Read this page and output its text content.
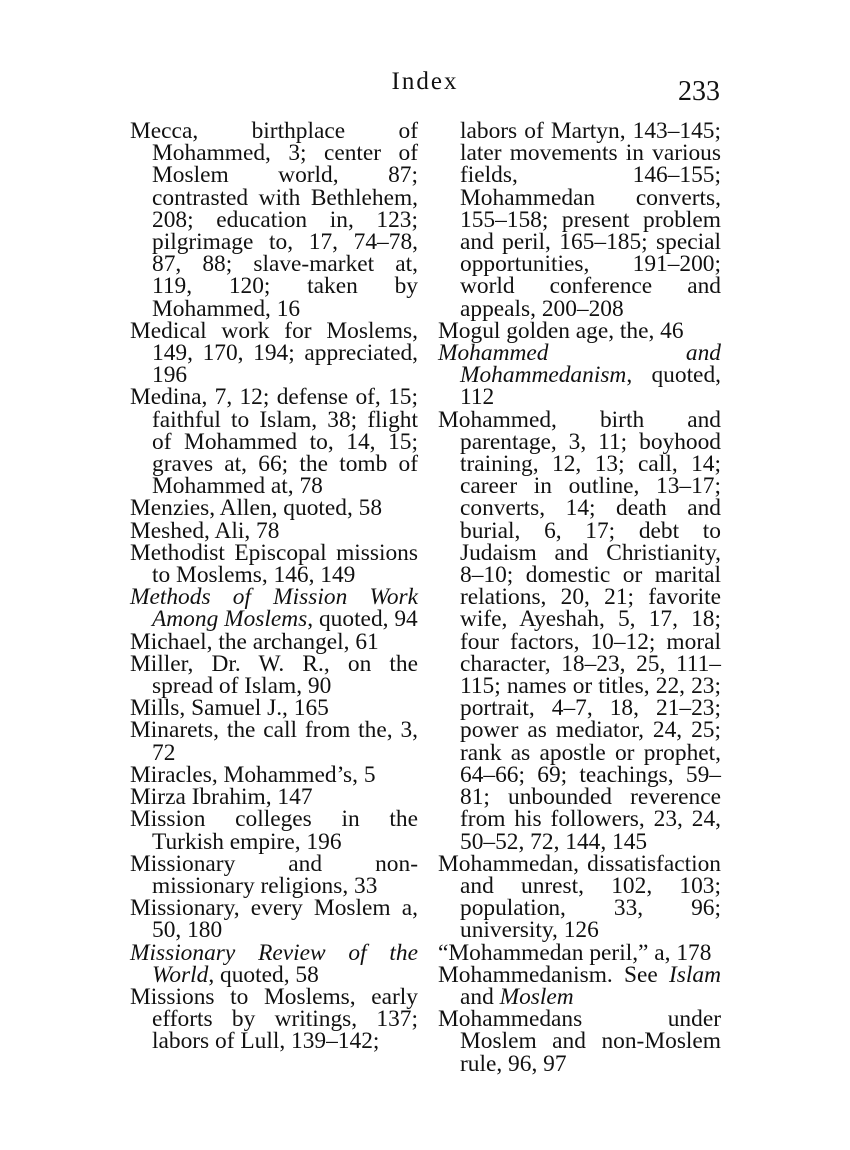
Index	233
Mecca, birthplace of Mohammed, 3; center of Moslem world, 87; contrasted with Bethlehem, 208; education in, 123; pilgrimage to, 17, 74–78, 87, 88; slave-market at, 119, 120; taken by Mohammed, 16
Medical work for Moslems, 149, 170, 194; appreciated, 196
Medina, 7, 12; defense of, 15; faithful to Islam, 38; flight of Mohammed to, 14, 15; graves at, 66; the tomb of Mohammed at, 78
Menzies, Allen, quoted, 58
Meshed, Ali, 78
Methodist Episcopal missions to Moslems, 146, 149
Methods of Mission Work Among Moslems, quoted, 94
Michael, the archangel, 61
Miller, Dr. W. R., on the spread of Islam, 90
Mills, Samuel J., 165
Minarets, the call from the, 3, 72
Miracles, Mohammed’s, 5
Mirza Ibrahim, 147
Mission colleges in the Turkish empire, 196
Missionary and non-missionary religions, 33
Missionary, every Moslem a, 50, 180
Missionary Review of the World, quoted, 58
Missions to Moslems, early efforts by writings, 137; labors of Lull, 139–142;
labors of Martyn, 143–145; later movements in various fields, 146–155; Mohammedan converts, 155–158; present problem and peril, 165–185; special opportunities, 191–200; world conference and appeals, 200–208
Mogul golden age, the, 46
Mohammed and Mohammedanism, quoted, 112
Mohammed, birth and parentage, 3, 11; boyhood training, 12, 13; call, 14; career in outline, 13–17; converts, 14; death and burial, 6, 17; debt to Judaism and Christianity, 8–10; domestic or marital relations, 20, 21; favorite wife, Ayeshah, 5, 17, 18; four factors, 10–12; moral character, 18–23, 25, 111–115; names or titles, 22, 23; portrait, 4–7, 18, 21–23; power as mediator, 24, 25; rank as apostle or prophet, 64–66; 69; teachings, 59–81; unbounded reverence from his followers, 23, 24, 50–52, 72, 144, 145
Mohammedan, dissatisfaction and unrest, 102, 103; population, 33, 96; university, 126
“Mohammedan peril,” a, 178
Mohammedanism. See Islam and Moslem
Mohammedans under Moslem and non-Moslem rule, 96, 97
